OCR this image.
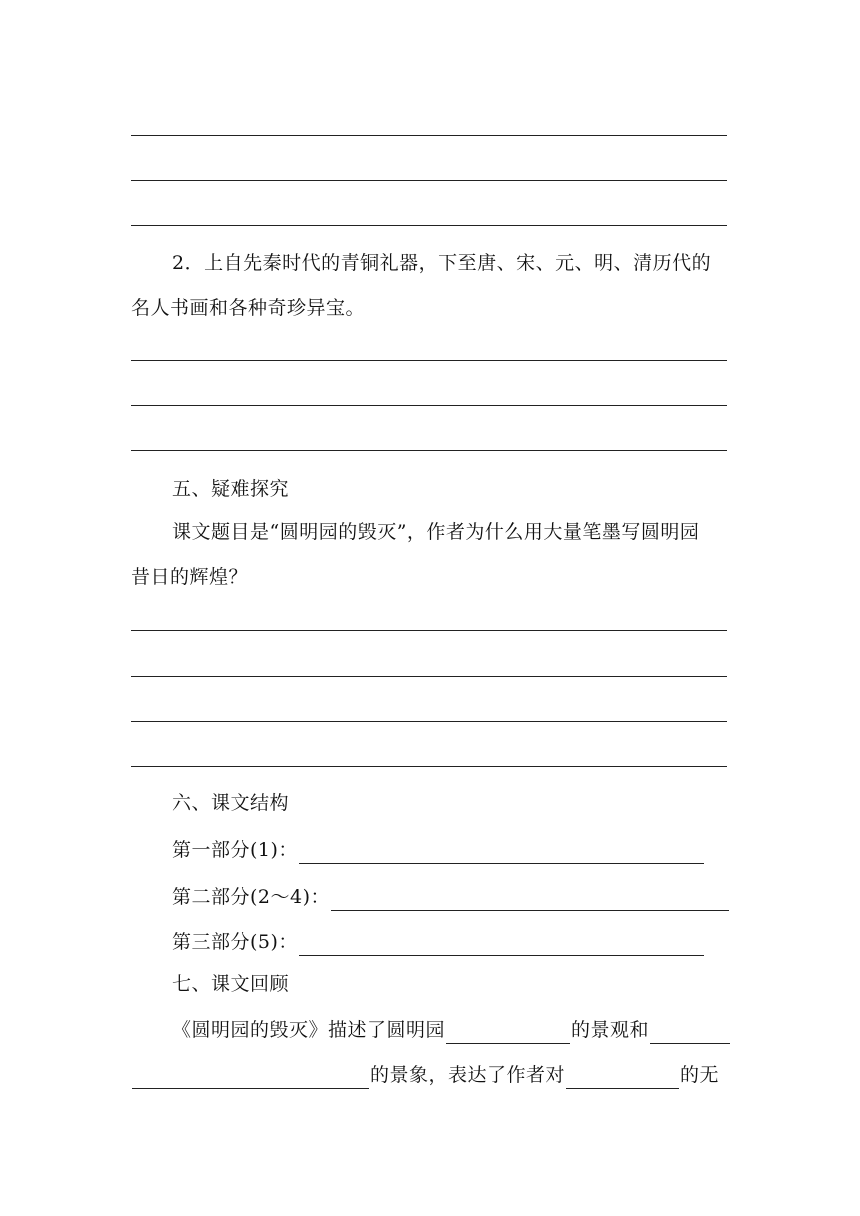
2．上自先秦时代的青铜礼器，下至唐、宋、元、明、清历代的
名人书画和各种奇珍异宝。
五、疑难探究
课文题目是“圆明园的毁灭”，作者为什么用大量笔墨写圆明园
昔日的辉煌？
六、课文结构
第一部分(1)：
第二部分(2～4)：
第三部分(5)：
七、课文回顾
《圆明园的毁灭》描述了圆明园	的景观和
的景象，表达了作者对	的无
